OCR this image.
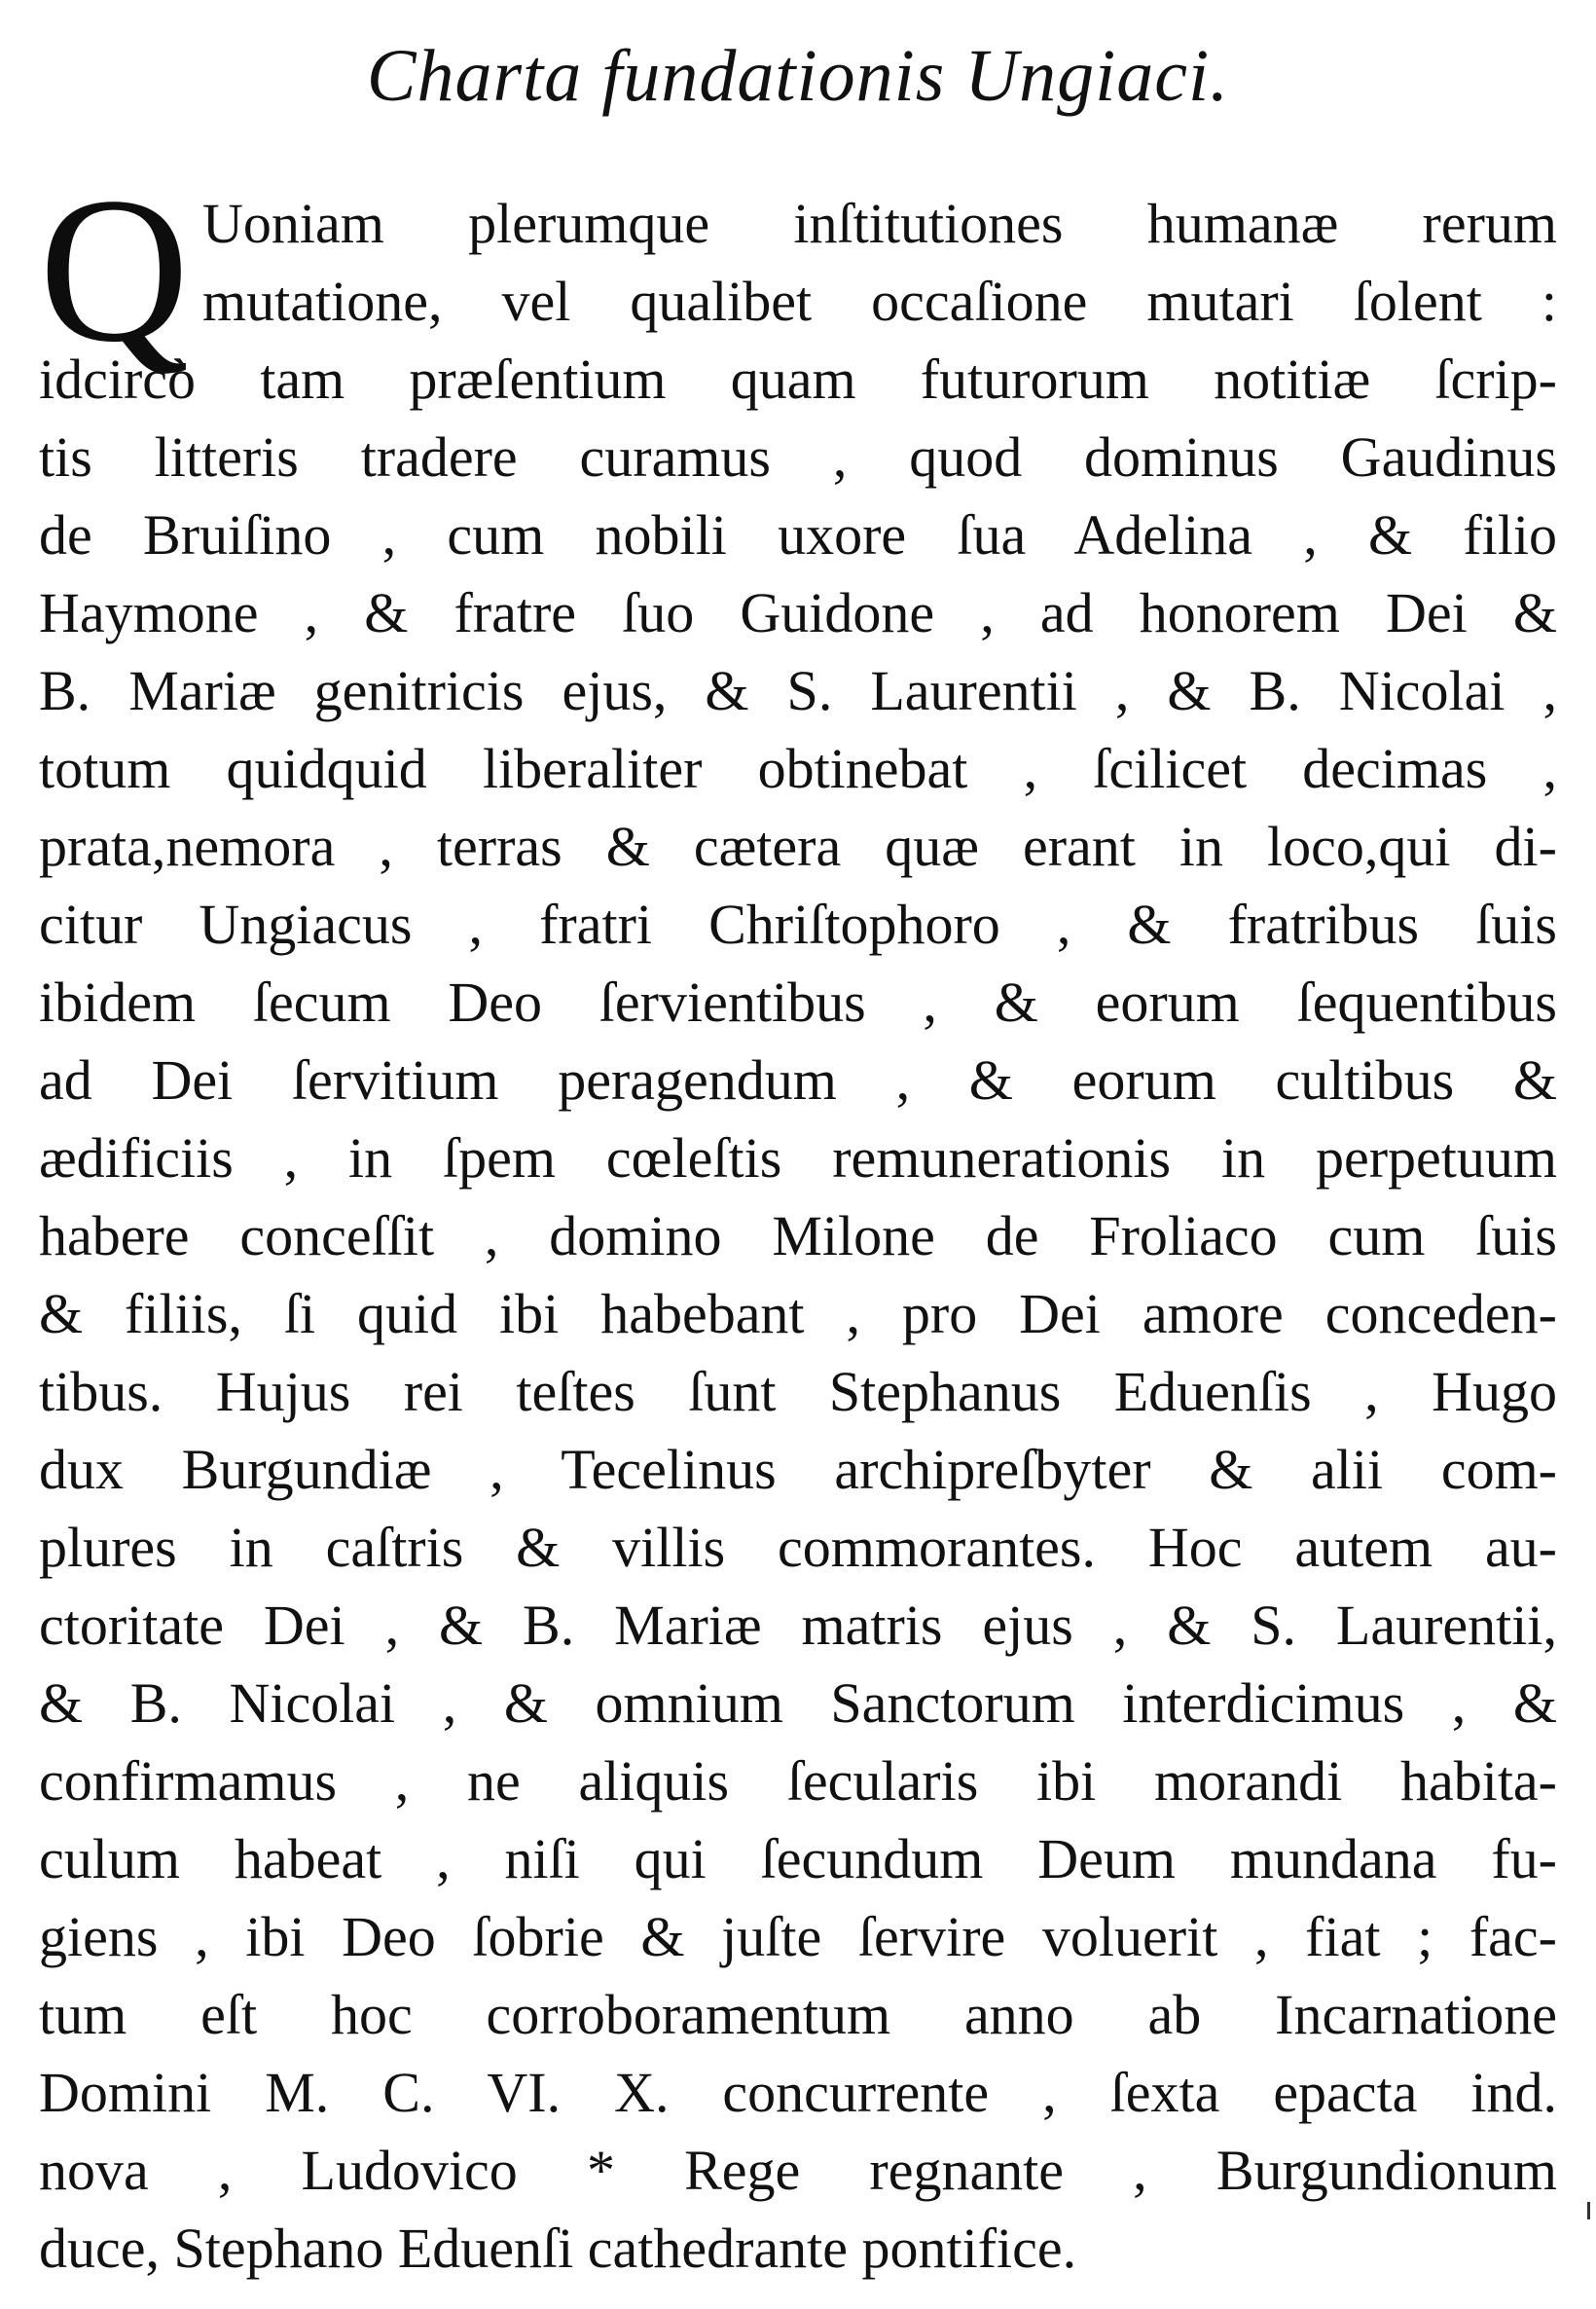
Charta fundationis Ungiaci.
Q Uoniam plerumque inſtitutiones humanæ rerum
mutatione, vel qualibet occaſione mutari ſolent :
idcircò tam præſentium quam futurorum notitiæ ſcrip-
tis litteris tradere curamus , quod dominus Gaudinus
de Bruiſino , cum nobili uxore ſua Adelina , & filio
Haymone , & fratre ſuo Guidone , ad honorem Dei &
B. Mariæ genitricis ejus, & S. Laurentii , & B. Nicolai ,
totum quidquid liberaliter obtinebat , ſcilicet decimas ,
prata,nemora , terras & cætera quæ erant in loco,qui di-
citur Ungiacus , fratri Chriſtophoro , & fratribus ſuis
ibidem ſecum Deo ſervientibus , & eorum ſequentibus
ad Dei ſervitium peragendum , & eorum cultibus &
ædificiis , in ſpem cœleſtis remunerationis in perpetuum
habere conceſſit , domino Milone de Froliaco cum ſuis
& filiis, ſi quid ibi habebant , pro Dei amore conceden-
tibus. Hujus rei teſtes ſunt Stephanus Eduenſis , Hugo
dux Burgundiæ , Tecelinus archipreſbyter & alii com-
plures in caſtris & villis commorantes. Hoc autem au-
ctoritate Dei , & B. Mariæ matris ejus , & S. Laurentii,
& B. Nicolai , & omnium Sanctorum interdicimus , &
confirmamus , ne aliquis ſecularis ibi morandi habita-
culum habeat , niſi qui ſecundum Deum mundana fu-
giens , ibi Deo ſobrie & juſte ſervire voluerit , fiat ; fac-
tum eſt hoc corroboramentum anno ab Incarnatione
Domini M. C. VI. X. concurrente , ſexta epacta ind.
nova , Ludovico * Rege regnante , Burgundionum
duce, Stephano Eduenſi cathedrante pontifice.
